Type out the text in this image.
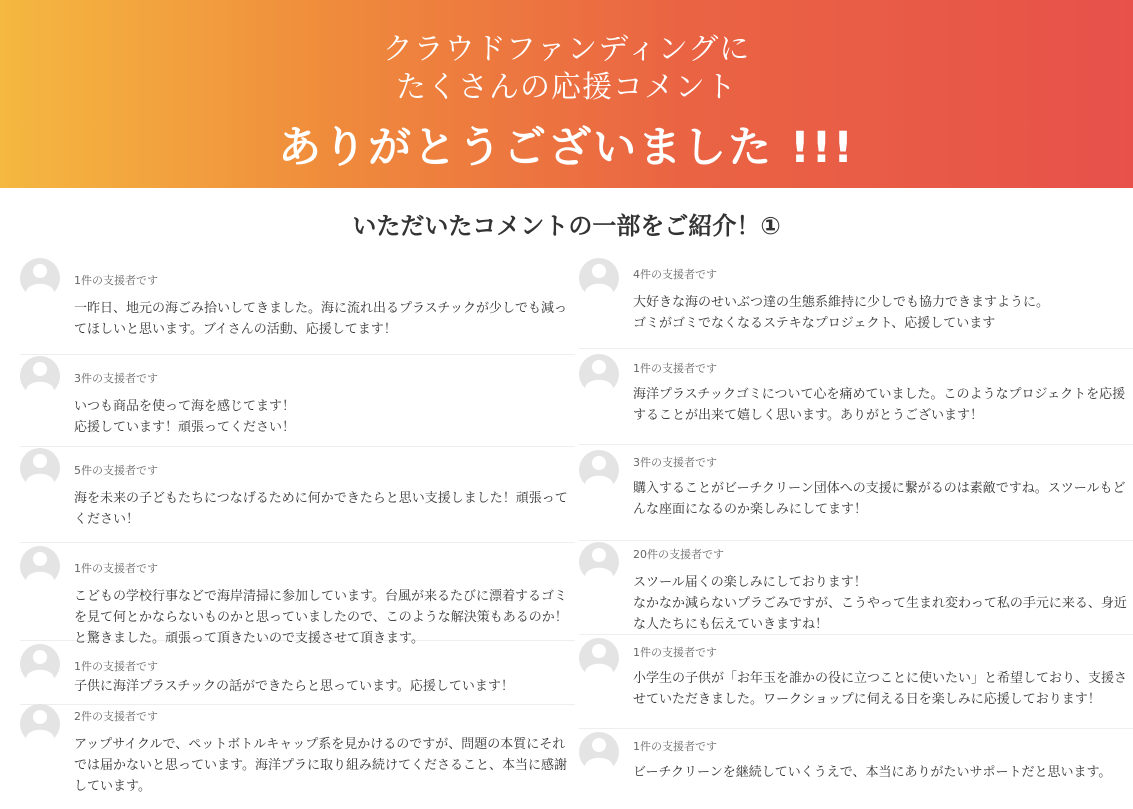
クラウドファンディングに
たくさんの応援コメント
ありがとうございました !!!
いただいたコメントの一部をご紹介！①
1件の支援者です
一昨日、地元の海ごみ拾いしてきました。海に流れ出るプラスチックが少しでも減ってほしいと思います。ブイさんの活動、応援してます！
3件の支援者です
いつも商品を使って海を感じてます！
応援しています！頑張ってください！
5件の支援者です
海を未来の子どもたちにつなげるために何かできたらと思い支援しました！頑張ってください！
1件の支援者です
こどもの学校行事などで海岸清掃に参加しています。台風が来るたびに漂着するゴミを見て何とかならないものかと思っていましたので、このような解決策もあるのか！と驚きました。頑張って頂きたいので支援させて頂きます。
1件の支援者です
子供に海洋プラスチックの話ができたらと思っています。応援しています！
2件の支援者です
アップサイクルで、ペットボトルキャップ系を見かけるのですが、問題の本質にそれでは届かないと思っています。海洋プラに取り組み続けてくださること、本当に感謝しています。
4件の支援者です
大好きな海のせいぶつ達の生態系維持に少しでも協力できますように。
ゴミがゴミでなくなるステキなプロジェクト、応援しています
1件の支援者です
海洋プラスチックゴミについて心を痛めていました。このようなプロジェクトを応援することが出来て嬉しく思います。ありがとうございます！
3件の支援者です
購入することがビーチクリーン団体への支援に繋がるのは素敵ですね。スツールもどんな座面になるのか楽しみにしてます！
20件の支援者です
スツール届くの楽しみにしております！
なかなか減らないプラごみですが、こうやって生まれ変わって私の手元に来る、身近な人たちにも伝えていきますね！
1件の支援者です
小学生の子供が「お年玉を誰かの役に立つことに使いたい」と希望しており、支援させていただきました。ワークショップに伺える日を楽しみに応援しております！
1件の支援者です
ビーチクリーンを継続していくうえで、本当にありがたいサポートだと思います。
